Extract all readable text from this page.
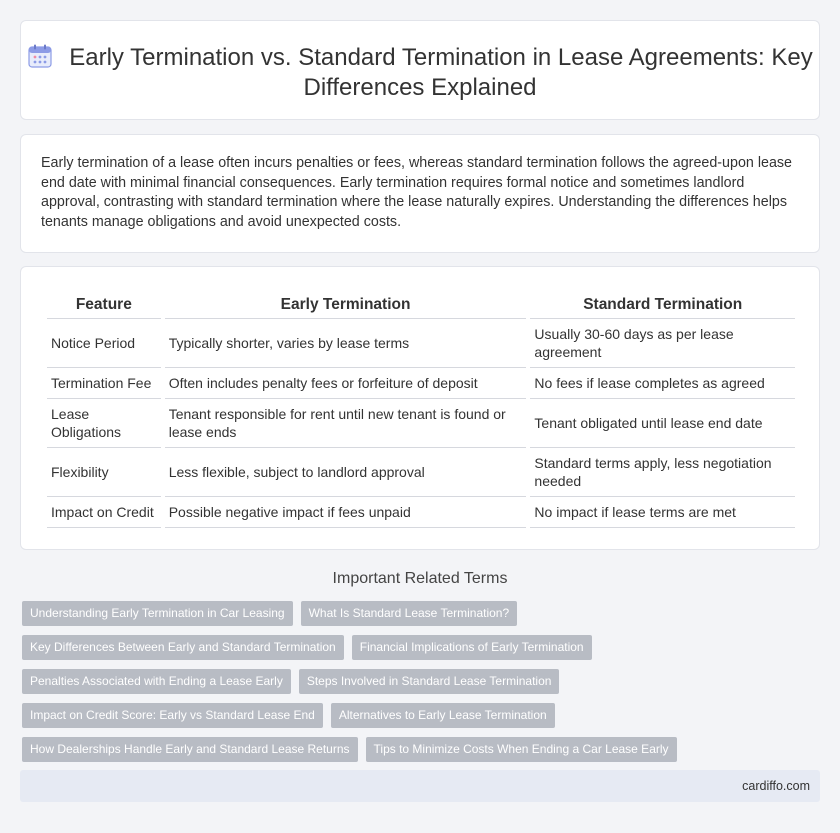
Early Termination vs. Standard Termination in Lease Agreements: Key Differences Explained

Early termination of a lease often incurs penalties or fees, whereas standard termination follows the agreed-upon lease end date with minimal financial consequences. Early termination requires formal notice and sometimes landlord approval, contrasting with standard termination where the lease naturally expires. Understanding the differences helps tenants manage obligations and avoid unexpected costs.

Feature	Early Termination	Standard Termination
Notice Period	Typically shorter, varies by lease terms	Usually 30-60 days as per lease agreement
Termination Fee	Often includes penalty fees or forfeiture of deposit	No fees if lease completes as agreed
Lease Obligations	Tenant responsible for rent until new tenant is found or lease ends	Tenant obligated until lease end date
Flexibility	Less flexible, subject to landlord approval	Standard terms apply, less negotiation needed
Impact on Credit	Possible negative impact if fees unpaid	No impact if lease terms are met
Important Related Terms
Understanding Early Termination in Car Leasing	What Is Standard Lease Termination?
Key Differences Between Early and Standard Termination	Financial Implications of Early Termination
Penalties Associated with Ending a Lease Early	Steps Involved in Standard Lease Termination
Impact on Credit Score: Early vs Standard Lease End	Alternatives to Early Lease Termination
How Dealerships Handle Early and Standard Lease Returns	Tips to Minimize Costs When Ending a Car Lease Early
cardiffo.com
